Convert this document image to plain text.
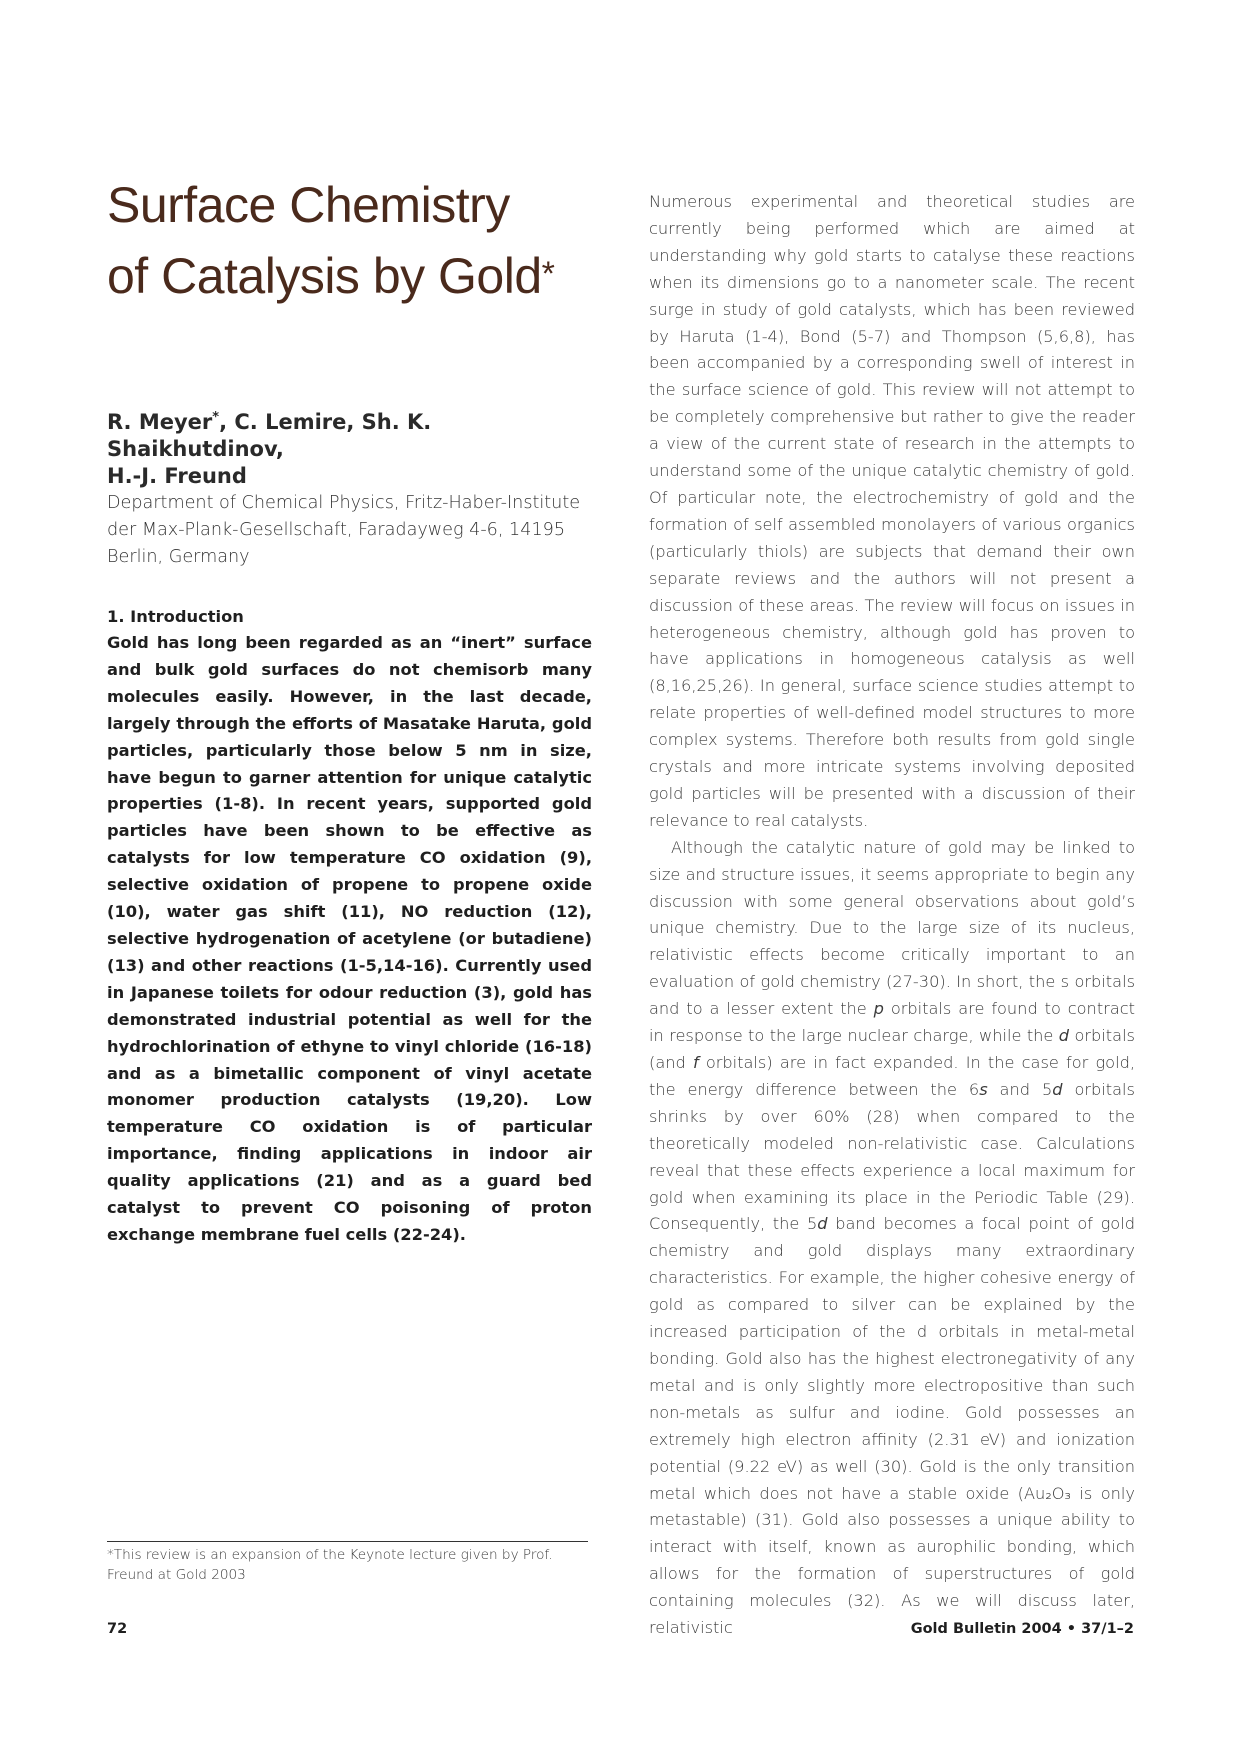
Surface Chemistry
of Catalysis by Gold*

R. Meyer*, C. Lemire, Sh. K. Shaikhutdinov,
H.-J. Freund

Department of Chemical Physics, Fritz-Haber-Institute der Max-Plank-Gesellschaft, Faradayweg 4-6, 14195 Berlin, Germany

1. Introduction

Gold has long been regarded as an “inert” surface and bulk gold surfaces do not chemisorb many molecules easily. However, in the last decade, largely through the efforts of Masatake Haruta, gold particles, particularly those below 5 nm in size, have begun to garner attention for unique catalytic properties (1-8). In recent years, supported gold particles have been shown to be effective as catalysts for low temperature CO oxidation (9), selective oxidation of propene to propene oxide (10), water gas shift (11), NO reduction (12), selective hydrogenation of acetylene (or butadiene) (13) and other reactions (1-5,14-16). Currently used in Japanese toilets for odour reduction (3), gold has demonstrated industrial potential as well for the hydrochlorination of ethyne to vinyl chloride (16-18) and as a bimetallic component of vinyl acetate monomer production catalysts (19,20). Low temperature CO oxidation is of particular importance, finding applications in indoor air quality applications (21) and as a guard bed catalyst to prevent CO poisoning of proton exchange membrane fuel cells (22-24).

Numerous experimental and theoretical studies are currently being performed which are aimed at understanding why gold starts to catalyse these reactions when its dimensions go to a nanometer scale. The recent surge in study of gold catalysts, which has been reviewed by Haruta (1-4), Bond (5-7) and Thompson (5,6,8), has been accompanied by a corresponding swell of interest in the surface science of gold. This review will not attempt to be completely comprehensive but rather to give the reader a view of the current state of research in the attempts to understand some of the unique catalytic chemistry of gold. Of particular note, the electrochemistry of gold and the formation of self assembled monolayers of various organics (particularly thiols) are subjects that demand their own separate reviews and the authors will not present a discussion of these areas. The review will focus on issues in heterogeneous chemistry, although gold has proven to have applications in homogeneous catalysis as well (8,16,25,26). In general, surface science studies attempt to relate properties of well-defined model structures to more complex systems. Therefore both results from gold single crystals and more intricate systems involving deposited gold particles will be presented with a discussion of their relevance to real catalysts.

Although the catalytic nature of gold may be linked to size and structure issues, it seems appropriate to begin any discussion with some general observations about gold’s unique chemistry. Due to the large size of its nucleus, relativistic effects become critically important to an evaluation of gold chemistry (27-30). In short, the s orbitals and to a lesser extent the p orbitals are found to contract in response to the large nuclear charge, while the d orbitals (and f orbitals) are in fact expanded. In the case for gold, the energy difference between the 6s and 5d orbitals shrinks by over 60% (28) when compared to the theoretically modeled non-relativistic case. Calculations reveal that these effects experience a local maximum for gold when examining its place in the Periodic Table (29). Consequently, the 5d band becomes a focal point of gold chemistry and gold displays many extraordinary characteristics. For example, the higher cohesive energy of gold as compared to silver can be explained by the increased participation of the d orbitals in metal-metal bonding. Gold also has the highest electronegativity of any metal and is only slightly more electropositive than such non-metals as sulfur and iodine. Gold possesses an extremely high electron affinity (2.31 eV) and ionization potential (9.22 eV) as well (30). Gold is the only transition metal which does not have a stable oxide (Au₂O₃ is only metastable) (31). Gold also possesses a unique ability to interact with itself, known as aurophilic bonding, which allows for the formation of superstructures of gold containing molecules (32). As we will discuss later, relativistic

*This review is an expansion of the Keynote lecture given by Prof. Freund at Gold 2003
72	Gold Bulletin 2004 • 37/1–2
